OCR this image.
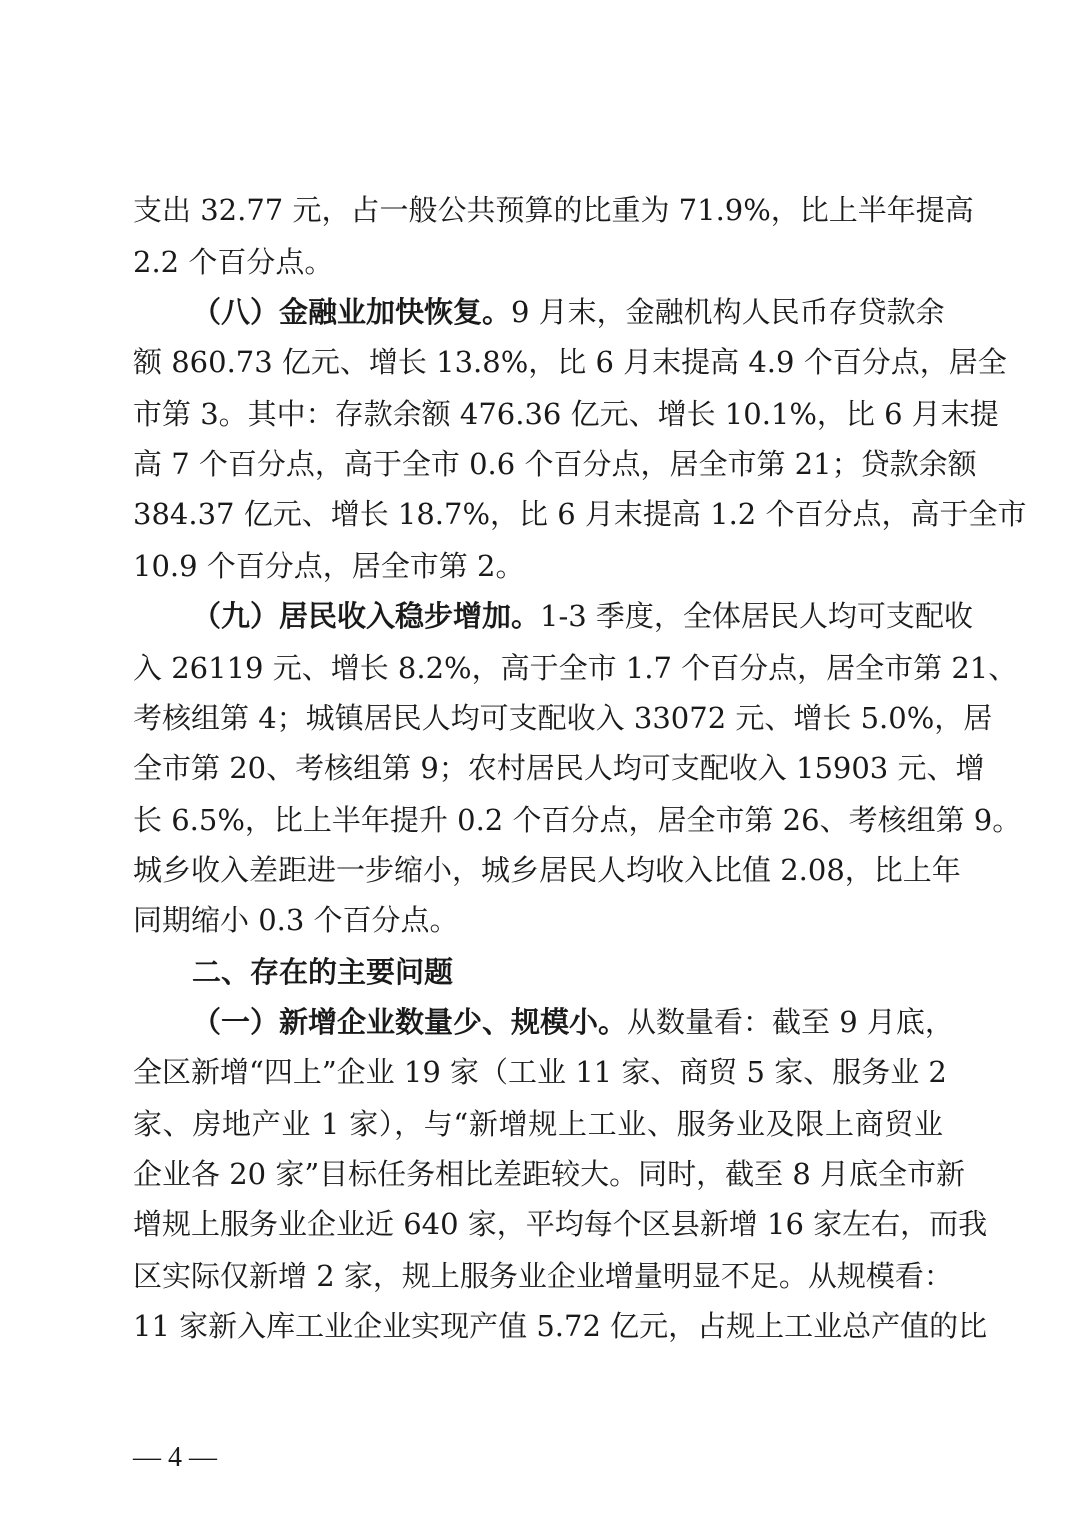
支出 32.77 元，占一般公共预算的比重为 71.9%，比上半年提高
2.2 个百分点。
（八）金融业加快恢复。9 月末，金融机构人民币存贷款余
额 860.73 亿元、增长 13.8%，比 6 月末提高 4.9 个百分点，居全
市第 3。其中：存款余额 476.36 亿元、增长 10.1%，比 6 月末提
高 7 个百分点，高于全市 0.6 个百分点，居全市第 21；贷款余额
384.37 亿元、增长 18.7%，比 6 月末提高 1.2 个百分点，高于全市
10.9 个百分点，居全市第 2。
（九）居民收入稳步增加。1-3 季度，全体居民人均可支配收
入 26119 元、增长 8.2%，高于全市 1.7 个百分点，居全市第 21、
考核组第 4；城镇居民人均可支配收入 33072 元、增长 5.0%，居
全市第 20、考核组第 9；农村居民人均可支配收入 15903 元、增
长 6.5%，比上半年提升 0.2 个百分点，居全市第 26、考核组第 9。
城乡收入差距进一步缩小，城乡居民人均收入比值 2.08，比上年
同期缩小 0.3 个百分点。
二、存在的主要问题
（一）新增企业数量少、规模小。从数量看：截至 9 月底，
全区新增“四上”企业 19 家（工业 11 家、商贸 5 家、服务业 2
家、房地产业 1 家），与“新增规上工业、服务业及限上商贸业
企业各 20 家”目标任务相比差距较大。同时，截至 8 月底全市新
增规上服务业企业近 640 家，平均每个区县新增 16 家左右，而我
区实际仅新增 2 家，规上服务业企业增量明显不足。从规模看：
11 家新入库工业企业实现产值 5.72 亿元，占规上工业总产值的比
— 4 —
